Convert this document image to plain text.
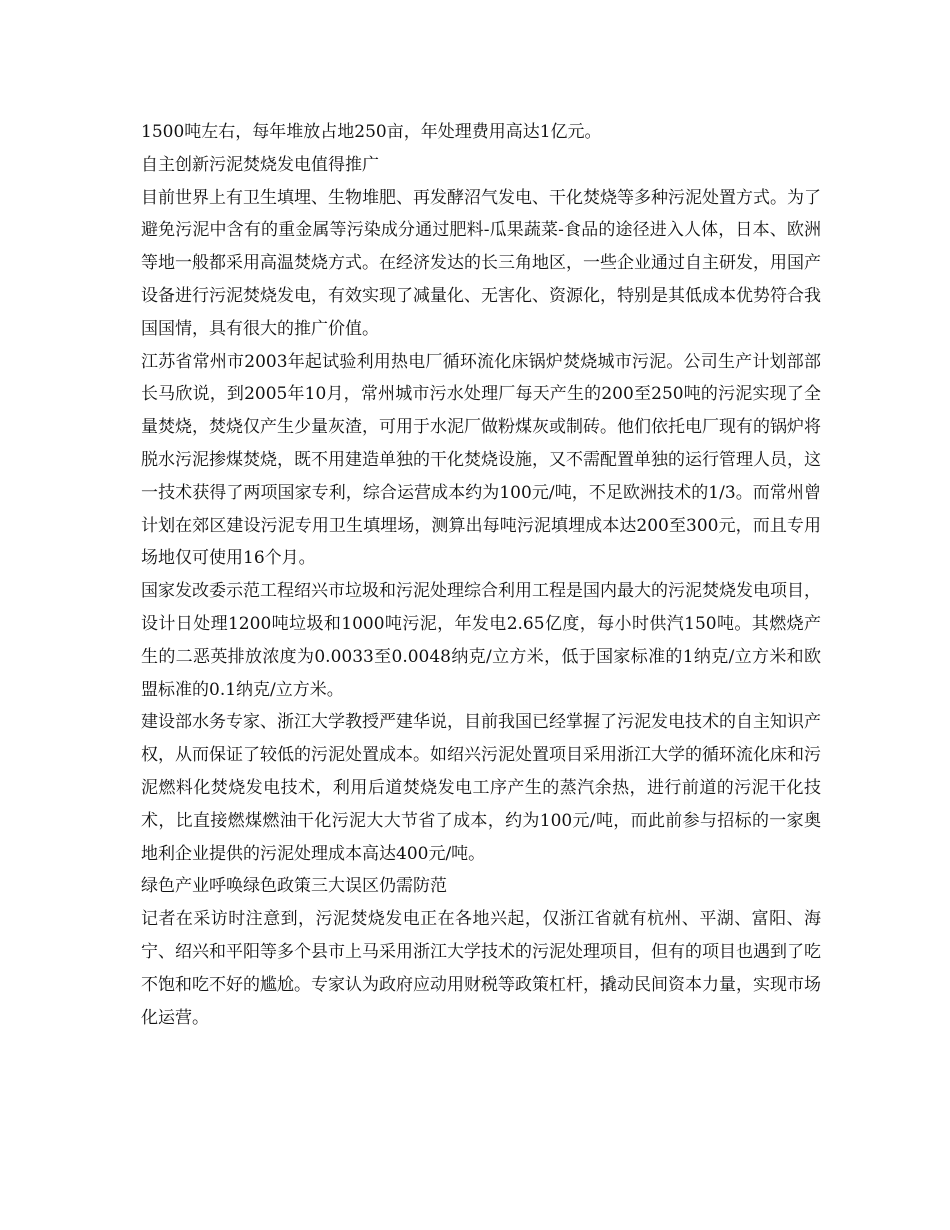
1500吨左右，每年堆放占地250亩，年处理费用高达1亿元。

自主创新污泥焚烧发电值得推广

目前世界上有卫生填埋、生物堆肥、再发酵沼气发电、干化焚烧等多种污泥处置方式。为了避免污泥中含有的重金属等污染成分通过肥料-瓜果蔬菜-食品的途径进入人体，日本、欧洲等地一般都采用高温焚烧方式。在经济发达的长三角地区，一些企业通过自主研发，用国产设备进行污泥焚烧发电，有效实现了减量化、无害化、资源化，特别是其低成本优势符合我国国情，具有很大的推广价值。

江苏省常州市2003年起试验利用热电厂循环流化床锅炉焚烧城市污泥。公司生产计划部部长马欣说，到2005年10月，常州城市污水处理厂每天产生的200至250吨的污泥实现了全量焚烧，焚烧仅产生少量灰渣，可用于水泥厂做粉煤灰或制砖。他们依托电厂现有的锅炉将脱水污泥掺煤焚烧，既不用建造单独的干化焚烧设施，又不需配置单独的运行管理人员，这一技术获得了两项国家专利，综合运营成本约为100元/吨，不足欧洲技术的1/3。而常州曾计划在郊区建设污泥专用卫生填埋场，测算出每吨污泥填埋成本达200至300元，而且专用场地仅可使用16个月。

国家发改委示范工程绍兴市垃圾和污泥处理综合利用工程是国内最大的污泥焚烧发电项目，设计日处理1200吨垃圾和1000吨污泥，年发电2.65亿度，每小时供汽150吨。其燃烧产生的二恶英排放浓度为0.0033至0.0048纳克/立方米，低于国家标准的1纳克/立方米和欧盟标准的0.1纳克/立方米。

建设部水务专家、浙江大学教授严建华说，目前我国已经掌握了污泥发电技术的自主知识产权，从而保证了较低的污泥处置成本。如绍兴污泥处置项目采用浙江大学的循环流化床和污泥燃料化焚烧发电技术，利用后道焚烧发电工序产生的蒸汽余热，进行前道的污泥干化技术，比直接燃煤燃油干化污泥大大节省了成本，约为100元/吨，而此前参与招标的一家奥地利企业提供的污泥处理成本高达400元/吨。

绿色产业呼唤绿色政策三大误区仍需防范

记者在采访时注意到，污泥焚烧发电正在各地兴起，仅浙江省就有杭州、平湖、富阳、海宁、绍兴和平阳等多个县市上马采用浙江大学技术的污泥处理项目，但有的项目也遇到了吃不饱和吃不好的尴尬。专家认为政府应动用财税等政策杠杆，撬动民间资本力量，实现市场化运营。
